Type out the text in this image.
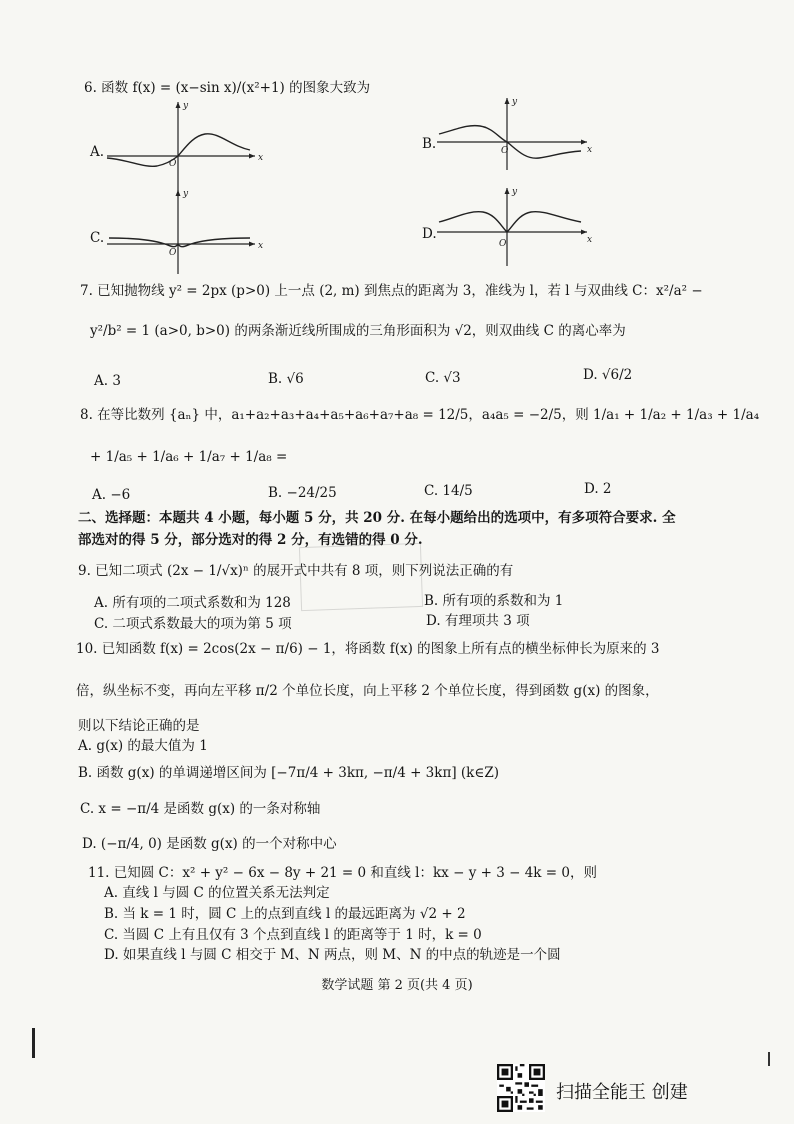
6. 函数 f(x) = (x−sin x)/(x²+1) 的图象大致为
A.	x
y
O
B.	x
y
O
C.	x
y
O
D.	x
y
O
7. 已知抛物线 y² = 2px (p>0) 上一点 (2, m) 到焦点的距离为 3，准线为 l，若 l 与双曲线 C：x²/a² −
y²/b² = 1 (a>0, b>0) 的两条渐近线所围成的三角形面积为 √2，则双曲线 C 的离心率为
A. 3	B. √6	C. √3	D. √6/2
8. 在等比数列 {aₙ} 中，a₁+a₂+a₃+a₄+a₅+a₆+a₇+a₈ = 12/5，a₄a₅ = −2/5，则 1/a₁ + 1/a₂ + 1/a₃ + 1/a₄
+ 1/a₅ + 1/a₆ + 1/a₇ + 1/a₈ =
A. −6	B. −24/25	C. 14/5	D. 2
二、选择题：本题共 4 小题，每小题 5 分，共 20 分. 在每小题给出的选项中，有多项符合要求. 全
部选对的得 5 分，部分选对的得 2 分，有选错的得 0 分.
9. 已知二项式 (2x − 1/√x)ⁿ 的展开式中共有 8 项，则下列说法正确的有
A. 所有项的二项式系数和为 128	B. 所有项的系数和为 1
C. 二项式系数最大的项为第 5 项	D. 有理项共 3 项
10. 已知函数 f(x) = 2cos(2x − π/6) − 1，将函数 f(x) 的图象上所有点的横坐标伸长为原来的 3
倍，纵坐标不变，再向左平移 π/2 个单位长度，向上平移 2 个单位长度，得到函数 g(x) 的图象，
则以下结论正确的是
A. g(x) 的最大值为 1
B. 函数 g(x) 的单调递增区间为 [−7π/4 + 3kπ, −π/4 + 3kπ] (k∈Z)
C. x = −π/4 是函数 g(x) 的一条对称轴
D. (−π/4, 0) 是函数 g(x) 的一个对称中心
11. 已知圆 C：x² + y² − 6x − 8y + 21 = 0 和直线 l：kx − y + 3 − 4k = 0，则
A. 直线 l 与圆 C 的位置关系无法判定
B. 当 k = 1 时，圆 C 上的点到直线 l 的最远距离为 √2 + 2
C. 当圆 C 上有且仅有 3 个点到直线 l 的距离等于 1 时，k = 0
D. 如果直线 l 与圆 C 相交于 M、N 两点，则 M、N 的中点的轨迹是一个圆
数学试题 第 2 页(共 4 页)
扫描全能王 创建
